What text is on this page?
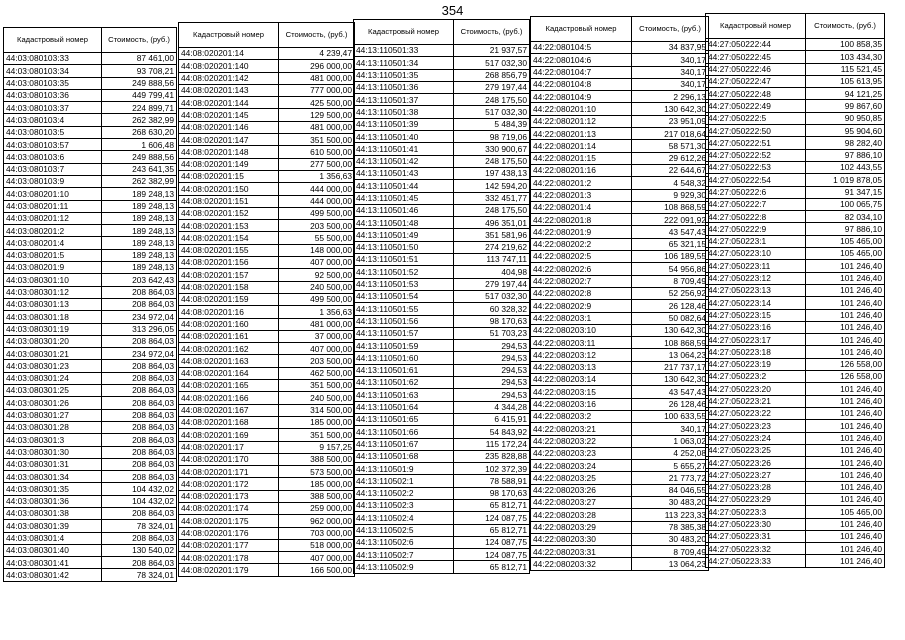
354
Кадастровый номер	Стоимость, (руб.)
44:03:080103:33	87 461,00
44:03:080103:34	93 708,21
44:03:080103:35	249 888,56
44:03:080103:36	449 799,41
44:03:080103:37	224 899,71
44:03:080103:4	262 382,99
44:03:080103:5	268 630,20
44:03:080103:57	1 606,48
44:03:080103:6	249 888,56
44:03:080103:7	243 641,35
44:03:080103:9	262 382,99
44:03:080201:10	189 248,13
44:03:080201:11	189 248,13
44:03:080201:12	189 248,13
44:03:080201:2	189 248,13
44:03:080201:4	189 248,13
44:03:080201:5	189 248,13
44:03:080201:9	189 248,13
44:03:080301:10	203 642,43
44:03:080301:12	208 864,03
44:03:080301:13	208 864,03
44:03:080301:18	234 972,04
44:03:080301:19	313 296,05
44:03:080301:20	208 864,03
44:03:080301:21	234 972,04
44:03:080301:23	208 864,03
44:03:080301:24	208 864,03
44:03:080301:25	208 864,03
44:03:080301:26	208 864,03
44:03:080301:27	208 864,03
44:03:080301:28	208 864,03
44:03:080301:3	208 864,03
44:03:080301:30	208 864,03
44:03:080301:31	208 864,03
44:03:080301:34	208 864,03
44:03:080301:35	104 432,02
44:03:080301:36	104 432,02
44:03:080301:38	208 864,03
44:03:080301:39	78 324,01
44:03:080301:4	208 864,03
44:03:080301:40	130 540,02
44:03:080301:41	208 864,03
44:03:080301:42	78 324,01
Кадастровый номер	Стоимость, (руб.)
44:08:020201:14	4 239,47
44:08:020201:140	296 000,00
44:08:020201:142	481 000,00
44:08:020201:143	777 000,00
44:08:020201:144	425 500,00
44:08:020201:145	129 500,00
44:08:020201:146	481 000,00
44:08:020201:147	351 500,00
44:08:020201:148	610 500,00
44:08:020201:149	277 500,00
44:08:020201:15	1 356,63
44:08:020201:150	444 000,00
44:08:020201:151	444 000,00
44:08:020201:152	499 500,00
44:08:020201:153	203 500,00
44:08:020201:154	55 500,00
44:08:020201:155	148 000,00
44:08:020201:156	407 000,00
44:08:020201:157	92 500,00
44:08:020201:158	240 500,00
44:08:020201:159	499 500,00
44:08:020201:16	1 356,63
44:08:020201:160	481 000,00
44:08:020201:161	37 000,00
44:08:020201:162	407 000,00
44:08:020201:163	203 500,00
44:08:020201:164	462 500,00
44:08:020201:165	351 500,00
44:08:020201:166	240 500,00
44:08:020201:167	314 500,00
44:08:020201:168	185 000,00
44:08:020201:169	351 500,00
44:08:020201:17	9 157,25
44:08:020201:170	388 500,00
44:08:020201:171	573 500,00
44:08:020201:172	185 000,00
44:08:020201:173	388 500,00
44:08:020201:174	259 000,00
44:08:020201:175	962 000,00
44:08:020201:176	703 000,00
44:08:020201:177	518 000,00
44:08:020201:178	407 000,00
44:08:020201:179	166 500,00
Кадастровый номер	Стоимость, (руб.)
44:13:110501:33	21 937,57
44:13:110501:34	517 032,30
44:13:110501:35	268 856,79
44:13:110501:36	279 197,44
44:13:110501:37	248 175,50
44:13:110501:38	517 032,30
44:13:110501:39	5 484,39
44:13:110501:40	98 719,06
44:13:110501:41	330 900,67
44:13:110501:42	248 175,50
44:13:110501:43	197 438,13
44:13:110501:44	142 594,20
44:13:110501:45	332 451,77
44:13:110501:46	248 175,50
44:13:110501:48	496 351,01
44:13:110501:49	351 581,96
44:13:110501:50	274 219,62
44:13:110501:51	113 747,11
44:13:110501:52	404,98
44:13:110501:53	279 197,44
44:13:110501:54	517 032,30
44:13:110501:55	60 328,32
44:13:110501:56	98 170,63
44:13:110501:57	51 703,23
44:13:110501:59	294,53
44:13:110501:60	294,53
44:13:110501:61	294,53
44:13:110501:62	294,53
44:13:110501:63	294,53
44:13:110501:64	4 344,28
44:13:110501:65	6 415,91
44:13:110501:66	54 843,92
44:13:110501:67	115 172,24
44:13:110501:68	235 828,88
44:13:110501:9	102 372,39
44:13:110502:1	78 588,91
44:13:110502:2	98 170,63
44:13:110502:3	65 812,71
44:13:110502:4	124 087,75
44:13:110502:5	65 812,71
44:13:110502:6	124 087,75
44:13:110502:7	124 087,75
44:13:110502:9	65 812,71
Кадастровый номер	Стоимость, (руб.)
44:22:080104:5	34 837,95
44:22:080104:6	340,17
44:22:080104:7	340,17
44:22:080104:8	340,17
44:22:080104:9	2 296,13
44:22:080201:10	130 642,30
44:22:080201:12	23 951,09
44:22:080201:13	217 018,64
44:22:080201:14	58 571,30
44:22:080201:15	29 612,26
44:22:080201:16	22 644,67
44:22:080201:2	4 548,32
44:22:080201:3	9 929,30
44:22:080201:4	108 868,59
44:22:080201:8	222 091,92
44:22:080201:9	43 547,43
44:22:080202:2	65 321,15
44:22:080202:5	106 189,55
44:22:080202:6	54 956,86
44:22:080202:7	8 709,49
44:22:080202:8	52 256,92
44:22:080202:9	26 128,46
44:22:080203:1	50 082,64
44:22:080203:10	130 642,30
44:22:080203:11	108 868,59
44:22:080203:12	13 064,23
44:22:080203:13	217 737,17
44:22:080203:14	130 642,30
44:22:080203:15	43 547,43
44:22:080203:16	26 128,46
44:22:080203:2	100 633,55
44:22:080203:21	340,17
44:22:080203:22	1 063,02
44:22:080203:23	4 252,08
44:22:080203:24	5 655,27
44:22:080203:25	21 773,72
44:22:080203:26	84 046,55
44:22:080203:27	30 483,20
44:22:080203:28	113 223,33
44:22:080203:29	78 385,38
44:22:080203:30	30 483,20
44:22:080203:31	8 709,49
44:22:080203:32	13 064,23
Кадастровый номер	Стоимость, (руб.)
44:27:050222:44	100 858,35
44:27:050222:45	103 434,30
44:27:050222:46	115 521,45
44:27:050222:47	105 613,95
44:27:050222:48	94 121,25
44:27:050222:49	99 867,60
44:27:050222:5	90 950,85
44:27:050222:50	95 904,60
44:27:050222:51	98 282,40
44:27:050222:52	97 886,10
44:27:050222:53	102 443,55
44:27:050222:54	1 019 878,05
44:27:050222:6	91 347,15
44:27:050222:7	100 065,75
44:27:050222:8	82 034,10
44:27:050222:9	97 886,10
44:27:050223:1	105 465,00
44:27:050223:10	105 465,00
44:27:050223:11	101 246,40
44:27:050223:12	101 246,40
44:27:050223:13	101 246,40
44:27:050223:14	101 246,40
44:27:050223:15	101 246,40
44:27:050223:16	101 246,40
44:27:050223:17	101 246,40
44:27:050223:18	101 246,40
44:27:050223:19	126 558,00
44:27:050223:2	126 558,00
44:27:050223:20	101 246,40
44:27:050223:21	101 246,40
44:27:050223:22	101 246,40
44:27:050223:23	101 246,40
44:27:050223:24	101 246,40
44:27:050223:25	101 246,40
44:27:050223:26	101 246,40
44:27:050223:27	101 246,40
44:27:050223:28	101 246,40
44:27:050223:29	101 246,40
44:27:050223:3	105 465,00
44:27:050223:30	101 246,40
44:27:050223:31	101 246,40
44:27:050223:32	101 246,40
44:27:050223:33	101 246,40
